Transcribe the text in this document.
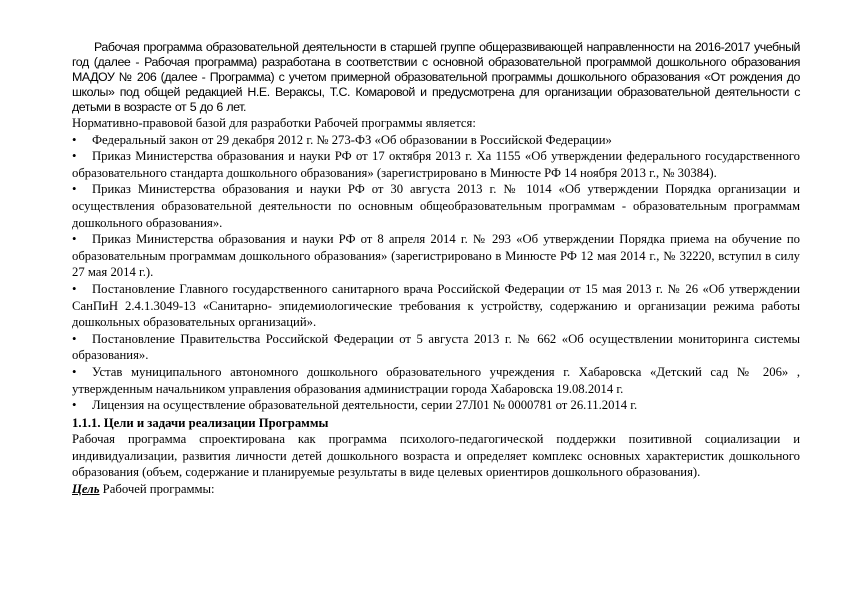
Рабочая программа образовательной деятельности в старшей группе общеразвивающей направленности на 2016-2017 учебный год (далее - Рабочая программа) разработана в соответствии с основной образовательной программой дошкольного образования МАДОУ № 206 (далее - Программа) с учетом примерной образовательной программы дошкольного образования «От рождения до школы» под общей редакцией Н.Е. Вераксы, Т.С. Комаровой и предусмотрена для организации образовательной деятельности с детьми в возрасте от 5 до 6 лет.

Нормативно-правовой базой для разработки Рабочей программы является:

• Федеральный закон от 29 декабря 2012 г. № 273-ФЗ «Об образовании в Российской Федерации»
• Приказ Министерства образования и науки РФ от 17 октября 2013 г. Ха 1155 «Об утверждении федерального государственного образовательного стандарта дошкольного образования» (зарегистрировано в Минюсте РФ 14 ноября 2013 г., № 30384).
• Приказ Министерства образования и науки РФ от 30 августа 2013 г. № 1014 «Об утверждении Порядка организации и осуществления образовательной деятельности по основным общеобразовательным программам - образовательным программам дошкольного образования».
• Приказ Министерства образования и науки РФ от 8 апреля 2014 г. № 293 «Об утверждении Порядка приема на обучение по образовательным программам дошкольного образования» (зарегистрировано в Минюсте РФ 12 мая 2014 г., № 32220, вступил в силу 27 мая 2014 г.).
• Постановление Главного государственного санитарного врача Российской Федерации от 15 мая 2013 г. № 26 «Об утверждении СанПиН 2.4.1.3049-13 «Санитарно- эпидемиологические требования к устройству, содержанию и организации режима работы дошкольных образовательных организаций».
• Постановление Правительства Российской Федерации от 5 августа 2013 г. № 662 «Об осуществлении мониторинга системы образования».
• Устав муниципального автономного дошкольного образовательного учреждения г. Хабаровска «Детский сад № 206» , утвержденным начальником управления образования администрации города Хабаровска 19.08.2014 г.
• Лицензия на осуществление образовательной деятельности, серии 27Л01 № 0000781 от 26.11.2014 г.

1.1.1. Цели и задачи реализации Программы

Рабочая программа спроектирована как программа психолого-педагогической поддержки позитивной социализации и индивидуализации, развития личности детей дошкольного возраста и определяет комплекс основных характеристик дошкольного образования (объем, содержание и планируемые результаты в виде целевых ориентиров дошкольного образования).

Цель Рабочей программы:
